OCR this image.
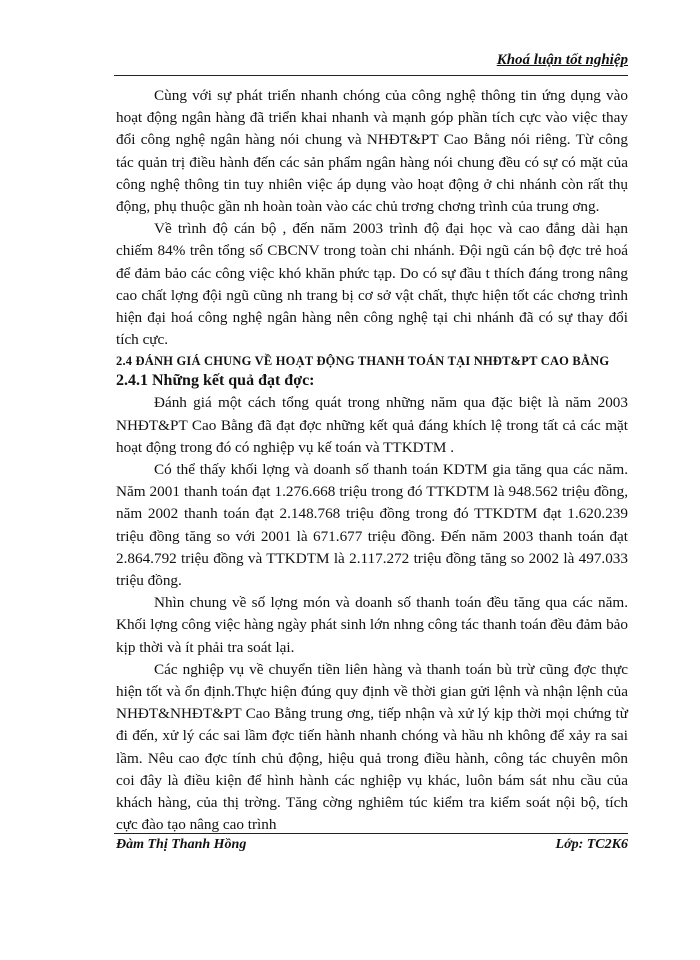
Khoá luận tốt nghiệp

Cùng với sự phát triển nhanh chóng của công nghệ thông tin ứng dụng vào hoạt động ngân hàng đã triển khai nhanh và mạnh góp phần tích cực vào việc thay đổi công nghệ ngân hàng nói chung và NHĐT&PT Cao Bằng nói riêng. Từ công tác quản trị điều hành đến các sản phẩm ngân hàng nói chung đều có sự có mặt của công nghệ thông tin tuy nhiên việc áp dụng vào hoạt động ở chi nhánh còn rất thụ động, phụ thuộc gần nh hoàn toàn vào các chủ trơng chơng trình của trung ơng.

Về trình độ cán bộ , đến năm 2003 trình độ đại học và cao đẳng dài hạn chiếm 84% trên tổng số CBCNV trong toàn chi nhánh. Đội ngũ cán bộ đợc trẻ hoá để đảm bảo các công việc khó khăn phức tạp. Do có sự đầu t thích đáng trong nâng cao chất lợng đội ngũ cũng nh trang bị cơ sở vật chất, thực hiện tốt các chơng trình hiện đại hoá công nghệ ngân hàng nên công nghệ tại chi nhánh đã có sự thay đổi tích cực.

2.4 ĐÁNH GIÁ CHUNG VỀ HOẠT ĐỘNG THANH TOÁN TẠI NHĐT&PT CAO BẰNG
2.4.1 Những kết quả đạt đợc:

Đánh giá một cách tổng quát trong những năm qua đặc biệt là năm 2003 NHĐT&PT Cao Bằng đã đạt đợc những kết quả đáng khích lệ trong tất cả các mặt hoạt động trong đó có nghiệp vụ kế toán và TTKDTM .

Có thể thấy khối lợng và doanh số thanh toán KDTM gia tăng qua các năm. Năm 2001 thanh toán đạt 1.276.668 triệu trong đó TTKDTM là 948.562 triệu đồng, năm 2002 thanh toán đạt 2.148.768 triệu đồng trong đó TTKDTM đạt 1.620.239 triệu đồng tăng so với 2001 là 671.677 triệu đồng. Đến năm 2003 thanh toán đạt 2.864.792 triệu đồng và TTKDTM là 2.117.272 triệu đồng tăng so 2002 là 497.033 triệu đồng.

Nhìn chung về số lợng món và doanh số thanh toán đều tăng qua các năm. Khối lợng công việc hàng ngày phát sinh lớn nhng công tác thanh toán đều đảm bảo kịp thời và ít phải tra soát lại.

Các nghiệp vụ về chuyển tiền liên hàng và thanh toán bù trừ cũng đợc thực hiện tốt và ổn định.Thực hiện đúng quy định về thời gian gửi lệnh và nhận lệnh của NHĐT&NHĐT&PT Cao Bằng trung ơng, tiếp nhận và xử lý kịp thời mọi chứng từ đi đến, xử lý các sai lầm đợc tiến hành nhanh chóng và hầu nh không để xảy ra sai lầm. Nêu cao đợc tính chủ động, hiệu quả trong điều hành, công tác chuyên môn coi đây là điều kiện để hình hành các nghiệp vụ khác, luôn bám sát nhu cầu của khách hàng, của thị trờng. Tăng cờng nghiêm túc kiểm tra kiểm soát nội bộ, tích cực đào tạo nâng cao trình

Đàm Thị Thanh Hồng	Lớp: TC2K6
